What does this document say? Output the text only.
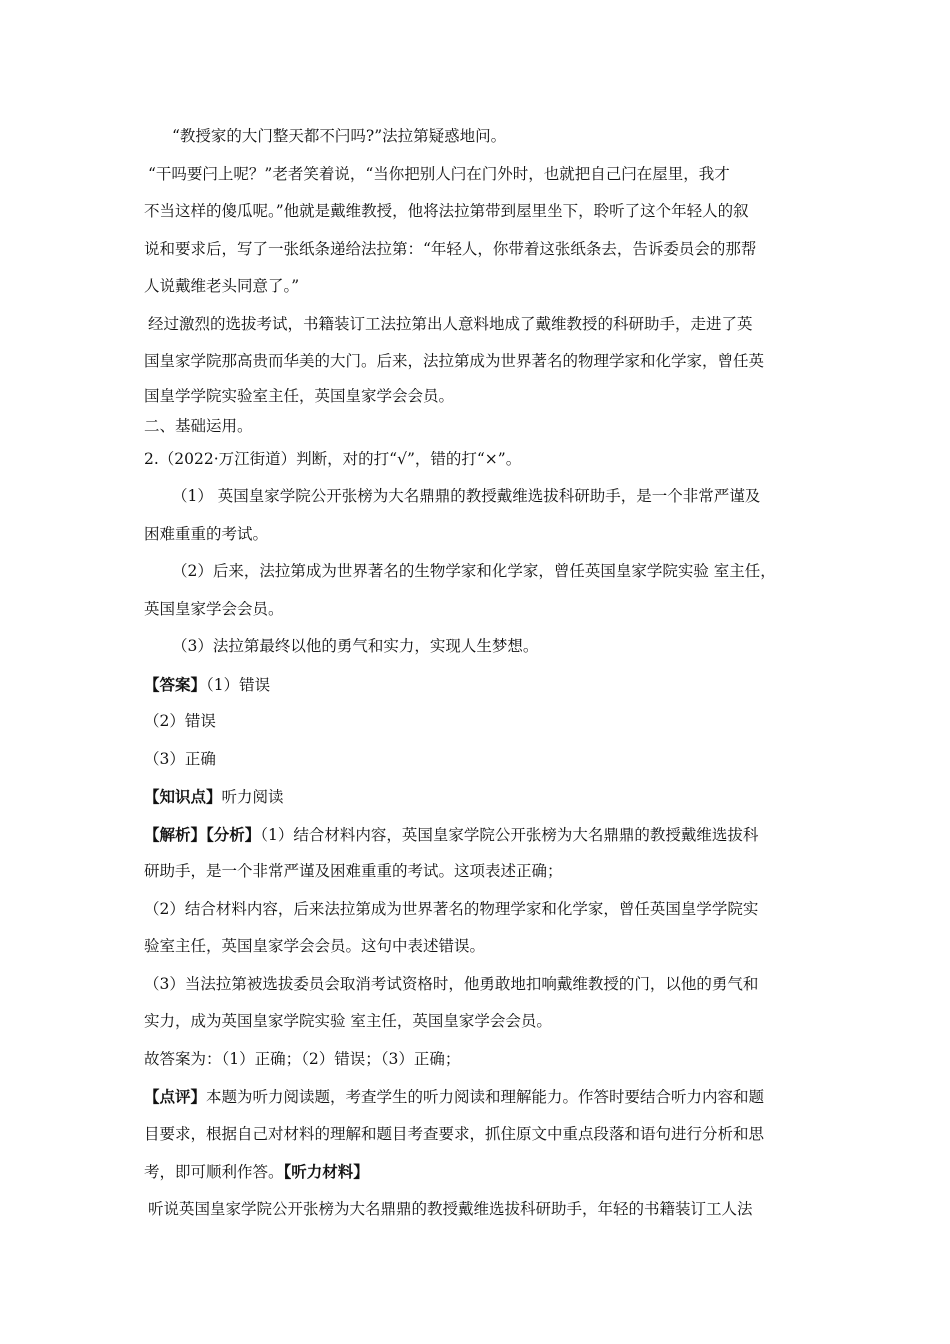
“教授家的大门整天都不闩吗?”法拉第疑惑地问。
“干吗要闩上呢？”老者笑着说，“当你把别人闩在门外时，也就把自己闩在屋里，我才
不当这样的傻瓜呢。”他就是戴维教授，他将法拉第带到屋里坐下，聆听了这个年轻人的叙
说和要求后，写了一张纸条递给法拉第：“年轻人，你带着这张纸条去，告诉委员会的那帮
人说戴维老头同意了。”
经过激烈的选拔考试，书籍装订工法拉第出人意料地成了戴维教授的科研助手，走进了英
国皇家学院那高贵而华美的大门。后来，法拉第成为世界著名的物理学家和化学家，曾任英
国皇学学院实验室主任，英国皇家学会会员。
二、基础运用。
2.（2022·万江街道）判断，对的打“√”，错的打“×”。
（1） 英国皇家学院公开张榜为大名鼎鼎的教授戴维选拔科研助手，是一个非常严谨及
困难重重的考试。
（2）后来，法拉第成为世界著名的生物学家和化学家，曾任英国皇家学院实验 室主任，
英国皇家学会会员。
（3）法拉第最终以他的勇气和实力，实现人生梦想。
【答案】（1）错误
（2）错误
（3）正确
【知识点】听力阅读
【解析】【分析】（1）结合材料内容，英国皇家学院公开张榜为大名鼎鼎的教授戴维选拔科
研助手，是一个非常严谨及困难重重的考试。这项表述正确；
（2）结合材料内容，后来法拉第成为世界著名的物理学家和化学家，曾任英国皇学学院实
验室主任，英国皇家学会会员。这句中表述错误。
（3）当法拉第被选拔委员会取消考试资格时，他勇敢地扣响戴维教授的门，以他的勇气和
实力，成为英国皇家学院实验 室主任，英国皇家学会会员。
故答案为：（1）正确；（2）错误；（3）正确；
【点评】本题为听力阅读题，考查学生的听力阅读和理解能力。作答时要结合听力内容和题
目要求，根据自己对材料的理解和题目考查要求，抓住原文中重点段落和语句进行分析和思
考，即可顺利作答。【听力材料】
听说英国皇家学院公开张榜为大名鼎鼎的教授戴维选拔科研助手，年轻的书籍装订工人法
